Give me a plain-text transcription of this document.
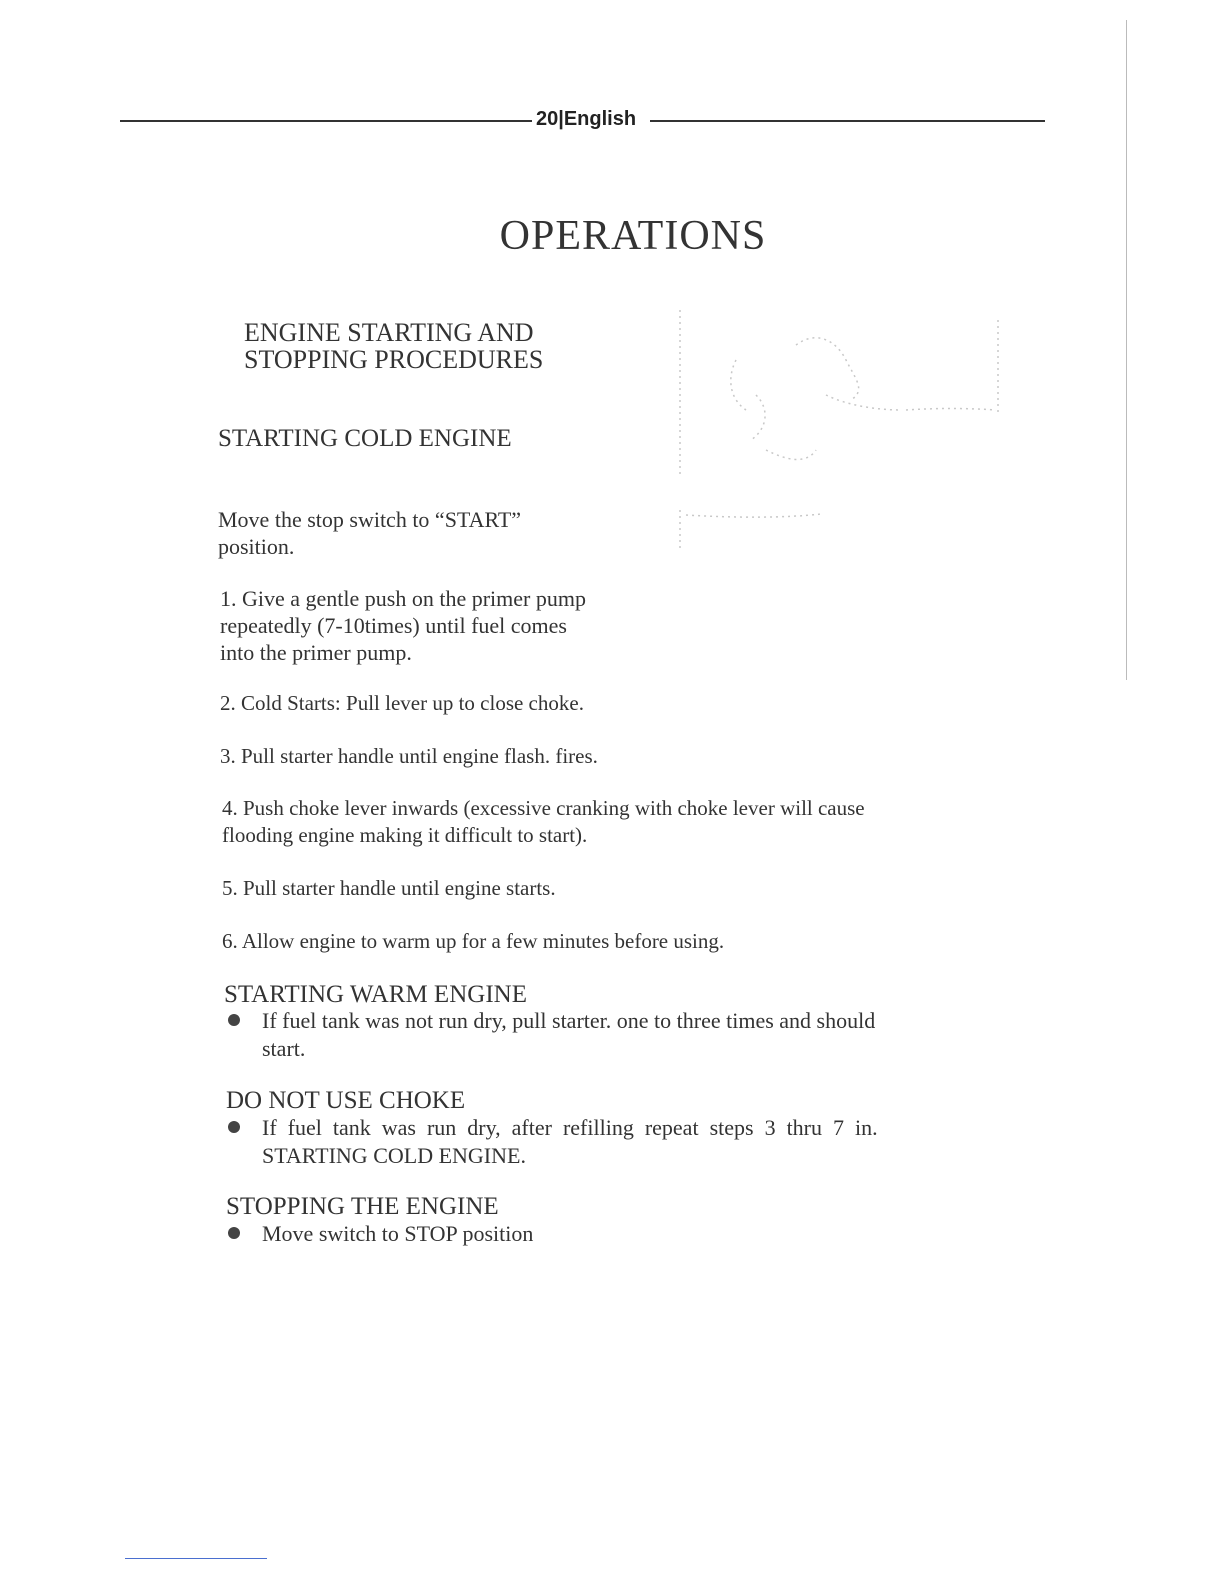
20|English
OPERATIONS
ENGINE STARTING AND
STOPPING PROCEDURES
STARTING COLD ENGINE
Move the stop switch to “START”
position.
1. Give a gentle push on the primer pump
repeatedly (7-10times) until fuel comes
into the primer pump.
2. Cold Starts: Pull lever up to close choke.
3. Pull starter handle until engine flash. fires.
4. Push choke lever inwards (excessive cranking with choke lever will cause
flooding engine making it difficult to start).
5. Pull starter handle until engine starts.
6. Allow engine to warm up for a few minutes before using.
STARTING WARM ENGINE
If fuel tank was not run dry, pull starter. one to three times and should
start.
DO NOT USE CHOKE
If  fuel  tank  was  run  dry,  after  refilling  repeat  steps  3  thru  7  in.
STARTING COLD ENGINE.
STOPPING THE ENGINE
Move switch to STOP position
